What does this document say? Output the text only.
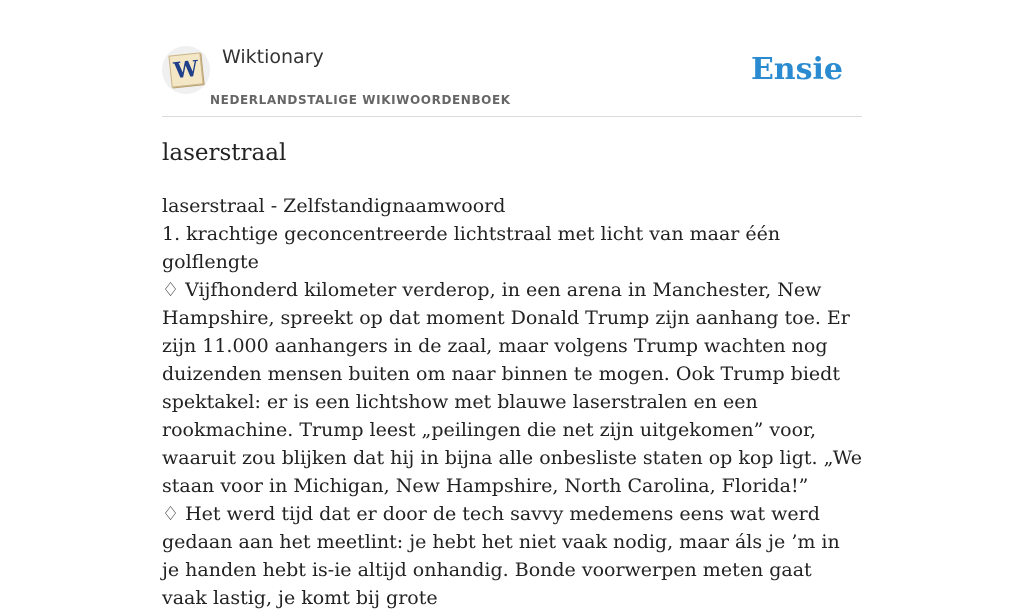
W Wiktionary
NEDERLANDSTALIGE WIKIWOORDENBOEK
Ensie
laserstraal

laserstraal - Zelfstandignaamwoord

1. krachtige geconcentreerde lichtstraal met licht van maar één golflengte

♢ Vijfhonderd kilometer verderop, in een arena in Manchester, New Hampshire, spreekt op dat moment Donald Trump zijn aanhang toe. Er zijn 11.000 aanhangers in de zaal, maar volgens Trump wachten nog duizenden mensen buiten om naar binnen te mogen. Ook Trump biedt spektakel: er is een lichtshow met blauwe laserstralen en een rookmachine. Trump leest „peilingen die net zijn uitgekomen” voor, waaruit zou blijken dat hij in bijna alle onbesliste staten op kop ligt. „We staan voor in Michigan, New Hampshire, North Carolina, Florida!”

♢ Het werd tijd dat er door de tech savvy medemens eens wat werd gedaan aan het meetlint: je hebt het niet vaak nodig, maar áls je ’m in je handen hebt is-ie altijd onhandig. Bonde voorwerpen meten gaat vaak lastig, je komt bij grote
